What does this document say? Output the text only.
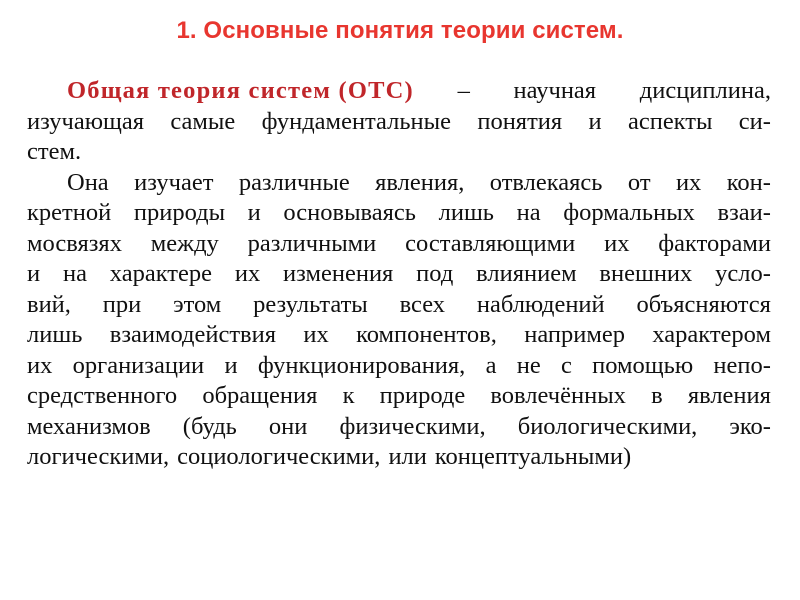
1. Основные понятия теории систем.
Общая теория систем (ОТС) – научная дисциплина,
изучающая самые фундаментальные понятия и аспекты си-
стем.
Она изучает различные явления, отвлекаясь от их кон-
кретной природы и основываясь лишь на формальных взаи-
мосвязях между различными составляющими их факторами
и на характере их изменения под влиянием внешних усло-
вий, при этом результаты всех наблюдений объясняются
лишь взаимодействия их компонентов, например характером
их организации и функционирования, а не с помощью непо-
средственного обращения к природе вовлечённых в явления
механизмов (будь они физическими, биологическими, эко-
логическими, социологическими, или концептуальными)
